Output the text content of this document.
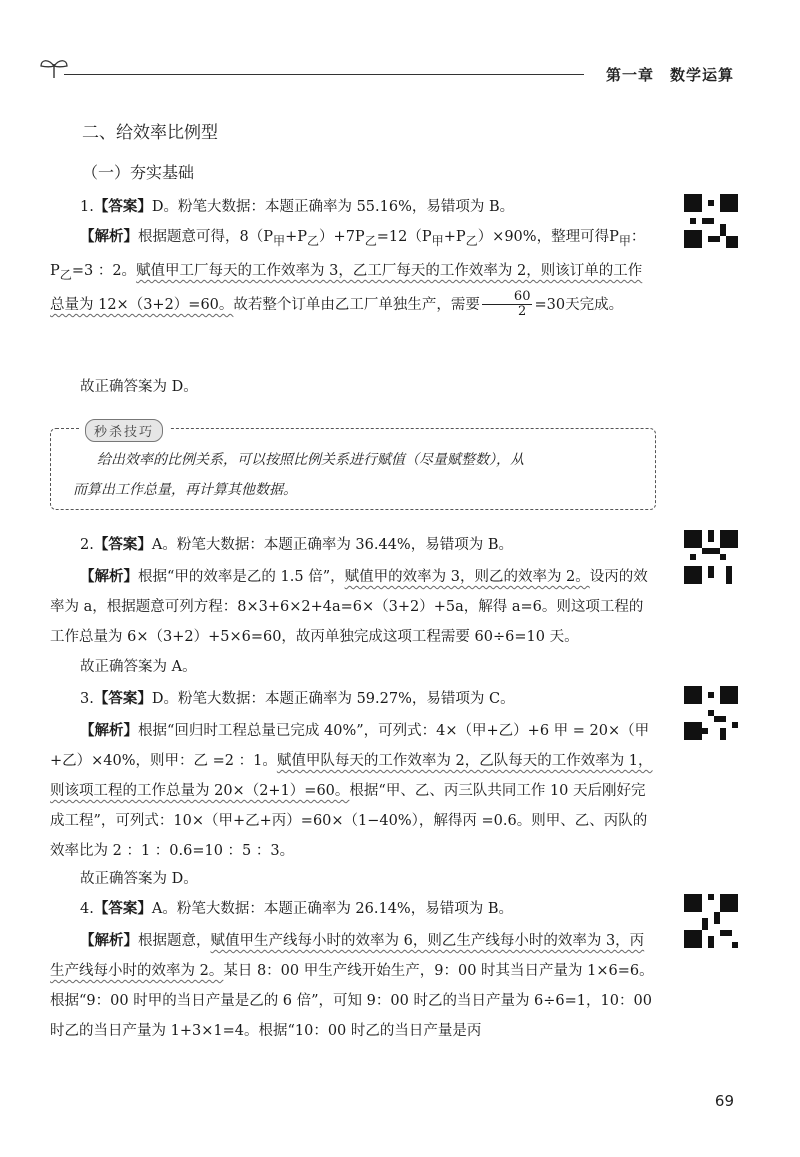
第一章　数学运算
二、给效率比例型
（一）夯实基础
1.【答案】D。粉笔大数据：本题正确率为 55.16%，易错项为 B。
【解析】根据题意可得，$8(P_甲+P_乙)+7P_乙=12(P_甲+P_乙)\times 90\%$，整理可得$P_甲$：$P_乙=3$ ：2。赋值甲工厂每天的工作效率为 3，乙工厂每天的工作效率为 2，则该订单的工作总量为 12×（3+2）=60。故若整个订单由乙工厂单独生产，需要 $\frac{60}{2} =30$天完成。
故正确答案为 D。
秒杀技巧
给出效率的比例关系，可以按照比例关系进行赋值（尽量赋整数），从
而算出工作总量，再计算其他数据。
2.【答案】A。粉笔大数据：本题正确率为 36.44%，易错项为 B。
【解析】根据“甲的效率是乙的 1.5 倍”，赋值甲的效率为 3，则乙的效率为 2。设丙的效率为 a，根据题意可列方程：8×3+6×2+4a=6×（3+2）+5a，解得 a=6。则这项工程的工作总量为 6×（3+2）+5×6=60，故丙单独完成这项工程需要 60÷6=10 天。
故正确答案为 A。
3.【答案】D。粉笔大数据：本题正确率为 59.27%，易错项为 C。
【解析】根据“回归时工程总量已完成 40%”，可列式：4×（甲+乙）+6 甲 = 20×（甲+乙）×40%，则甲：乙 =2 ：1。赋值甲队每天的工作效率为 2，乙队每天的工作效率为 1，则该项工程的工作总量为 20×（2+1）=60。根据“甲、乙、丙三队共同工作 10 天后刚好完成工程”，可列式：10×（甲+乙+丙）=60×（1−40%），解得丙 =0.6。则甲、乙、丙队的效率比为 2 ：1 ：0.6=10 ：5 ：3。
故正确答案为 D。
4.【答案】A。粉笔大数据：本题正确率为 26.14%，易错项为 B。
【解析】根据题意，赋值甲生产线每小时的效率为 6，则乙生产线每小时的效率为 3，丙生产线每小时的效率为 2。某日 8：00 甲生产线开始生产，9：00 时其当日产量为 1×6=6。根据“9：00 时甲的当日产量是乙的 6 倍”，可知 9：00 时乙的当日产量为 6÷6=1，10：00 时乙的当日产量为 1+3×1=4。根据“10：00 时乙的当日产量是丙
69
